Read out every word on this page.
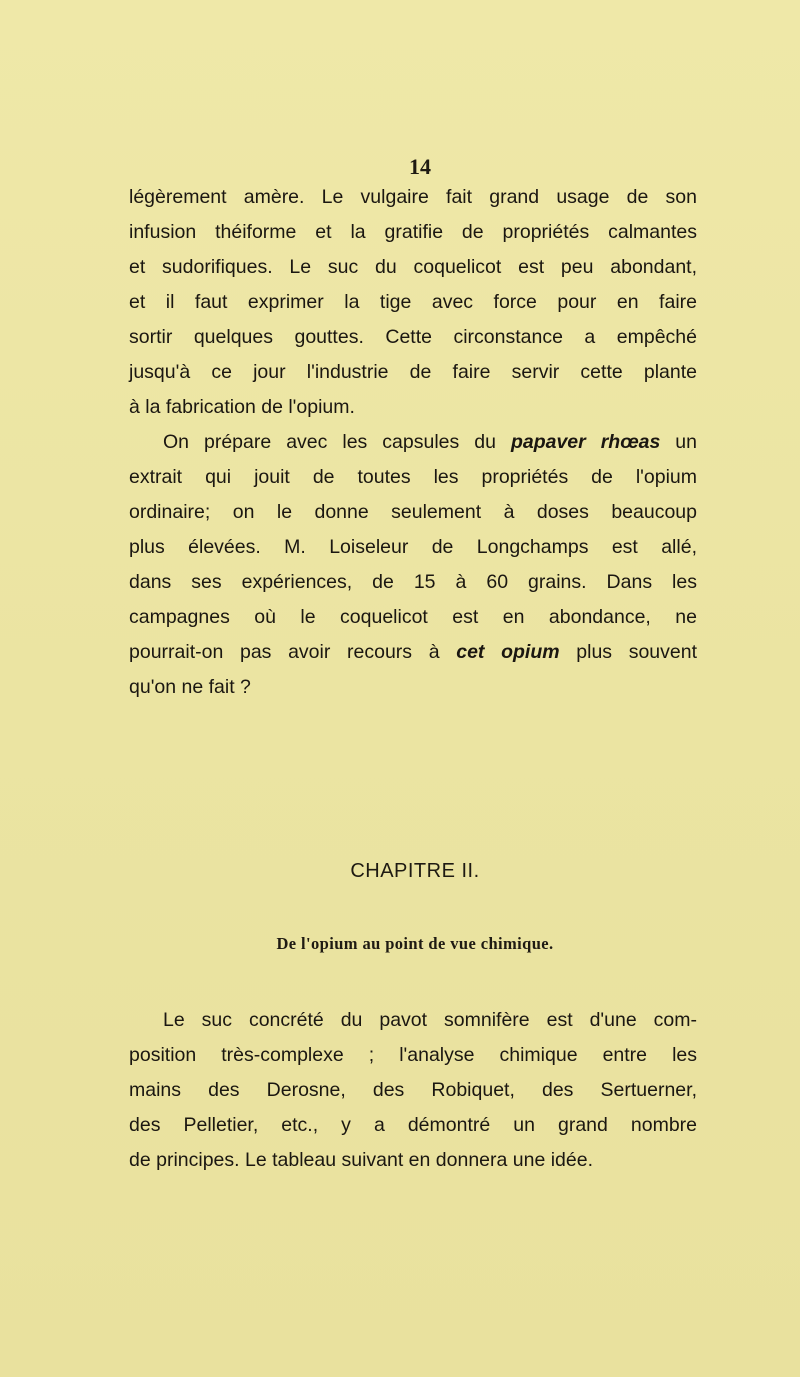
14
légèrement amère. Le vulgaire fait grand usage de son
infusion théiforme et la gratifie de propriétés calmantes
et sudorifiques. Le suc du coquelicot est peu abondant,
et il faut exprimer la tige avec force pour en faire
sortir quelques gouttes. Cette circonstance a empêché
jusqu'à ce jour l'industrie de faire servir cette plante
à la fabrication de l'opium.
On prépare avec les capsules du papaver rhœas un
extrait qui jouit de toutes les propriétés de l'opium
ordinaire; on le donne seulement à doses beaucoup
plus élevées. M. Loiseleur de Longchamps est allé,
dans ses expériences, de 15 à 60 grains. Dans les
campagnes où le coquelicot est en abondance, ne
pourrait-on pas avoir recours à cet opium plus souvent
qu'on ne fait ?
CHAPITRE II.
De l'opium au point de vue chimique.
Le suc concrété du pavot somnifère est d'une com-
position très-complexe ; l'analyse chimique entre les
mains des Derosne, des Robiquet, des Sertuerner,
des Pelletier, etc., y a démontré un grand nombre
de principes. Le tableau suivant en donnera une idée.
